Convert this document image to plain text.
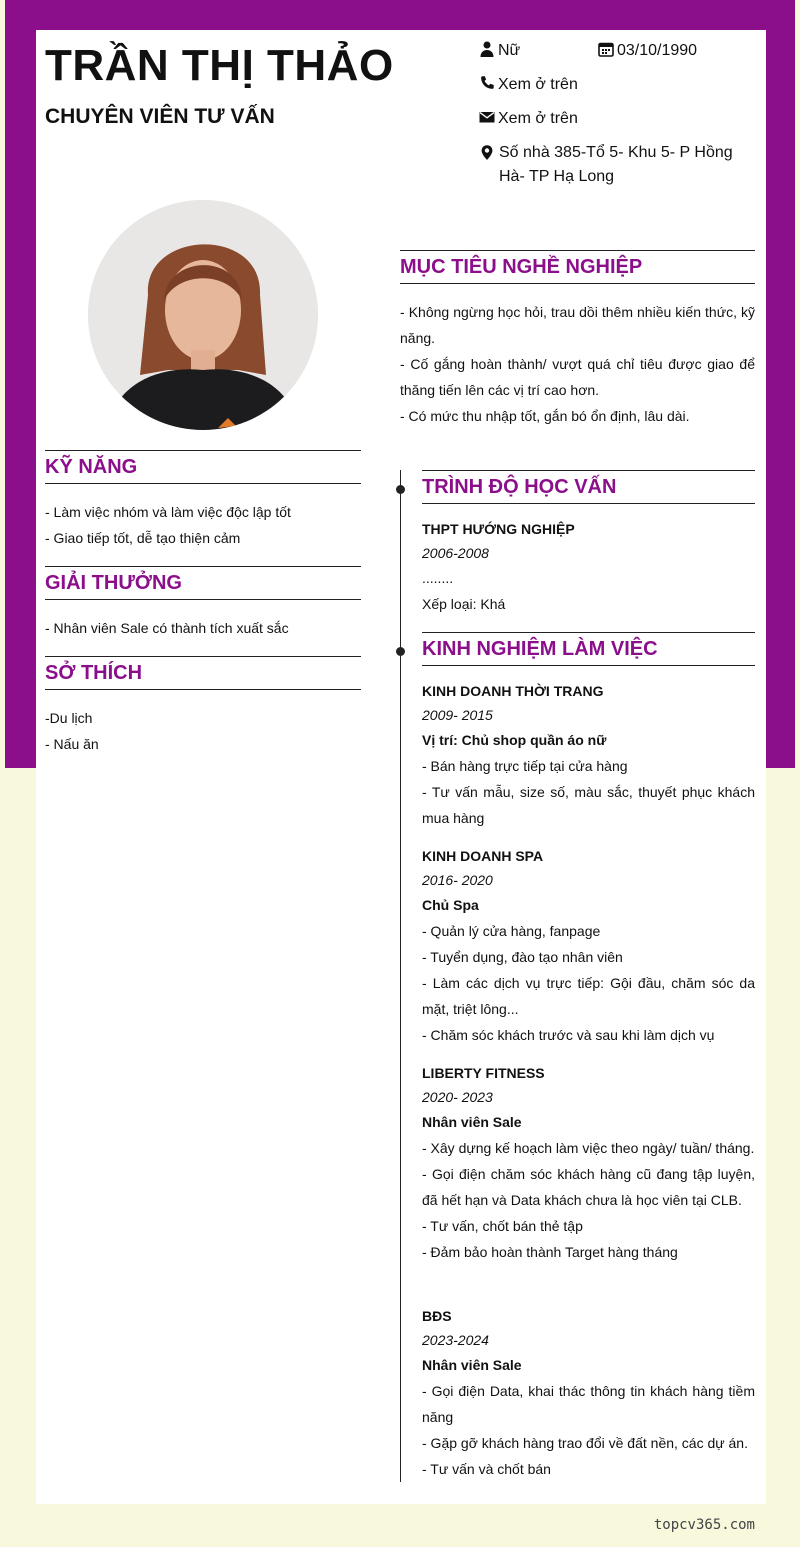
TRẦN THỊ THẢO
CHUYÊN VIÊN TƯ VẤN
Nữ	03/10/1990
Xem ở trên
Xem ở trên
Số nhà 385-Tổ 5- Khu 5- P Hồng Hà- TP Hạ Long
KỸ NĂNG

- Làm việc nhóm và làm việc độc lập tốt

- Giao tiếp tốt, dễ tạo thiện cảm

GIẢI THƯỞNG

- Nhân viên Sale có thành tích xuất sắc

SỞ THÍCH

-Du lịch

- Nấu ăn

MỤC TIÊU NGHỀ NGHIỆP

- Không ngừng học hỏi, trau dồi thêm nhiều kiến thức, kỹ năng.

- Cố gắng hoàn thành/ vượt quá chỉ tiêu được giao để thăng tiến lên các vị trí cao hơn.

- Có mức thu nhập tốt, gắn bó ổn định, lâu dài.

TRÌNH ĐỘ HỌC VẤN
THPT HƯỚNG NGHIỆP
2006-2008
........
Xếp loại: Khá
KINH NGHIỆM LÀM VIỆC
KINH DOANH THỜI TRANG
2009- 2015
Vị trí: Chủ shop quần áo nữ

- Bán hàng trực tiếp tại cửa hàng

- Tư vấn mẫu, size số, màu sắc, thuyết phục khách mua hàng

KINH DOANH SPA
2016- 2020
Chủ Spa

- Quản lý cửa hàng, fanpage

- Tuyển dụng, đào tạo nhân viên

- Làm các dịch vụ trực tiếp: Gội đầu, chăm sóc da mặt, triệt lông...

- Chăm sóc khách trước và sau khi làm dịch vụ

LIBERTY FITNESS
2020- 2023
Nhân viên Sale

- Xây dựng kế hoạch làm việc theo ngày/ tuần/ tháng.

- Gọi điện chăm sóc khách hàng cũ đang tập luyện, đã hết hạn và Data khách chưa là học viên tại CLB.

- Tư vấn, chốt bán thẻ tập

- Đảm bảo hoàn thành Target hàng tháng

BĐS
2023-2024
Nhân viên Sale

- Gọi điện Data, khai thác thông tin khách hàng tiềm năng

- Gặp gỡ khách hàng trao đổi về đất nền, các dự án.

- Tư vấn và chốt bán

topcv365.com
